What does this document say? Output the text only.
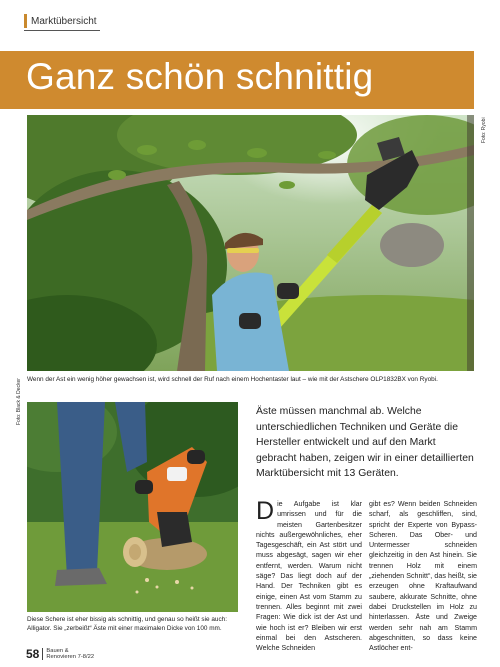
Marktübersicht
Ganz schön schnittig
Foto: Ryobi
Foto: Black & Decker Wenn der Ast ein wenig höher gewachsen ist, wird schnell der Ruf nach einem Hochentaster laut – wie mit der Astschere OLP1832BX von Ryobi.
Diese Schere ist eher bissig als schnittig, und genau so heißt sie auch: Alligator. Sie „zerbeißt“ Äste mit einer maximalen Dicke von 100 mm.
Äste müssen manchmal ab. Welche unterschiedlichen Techniken und Geräte die Hersteller entwickelt und auf den Markt gebracht haben, zeigen wir in einer detaillierten Marktübersicht mit 13 Geräten.
Die Aufgabe ist klar umrissen und für die meisten Gartenbesitzer nichts außergewöhnliches, eher Tagesgeschäft, ein Ast stört und muss abgesägt, sagen wir eher entfernt, werden. Warum nicht säge? Das liegt doch auf der Hand. Der Techniken gibt es einige, einen Ast vom Stamm zu trennen. Alles beginnt mit zwei Fragen: Wie dick ist der Ast und wie hoch ist er? Bleiben wir erst einmal bei den Astscheren. Welche Schneiden
gibt es? Wenn beiden Schneiden scharf, als geschliffen, sind, spricht der Experte von Bypass-Scheren. Das Ober- und Untermesser schneiden gleichzeitig in den Ast hinein. Sie trennen Holz mit einem „ziehenden Schnitt“, das heißt, sie erzeugen ohne Kraftaufwand saubere, akkurate Schnitte, ohne dabei Druckstellen im Holz zu hinterlassen. Äste und Zweige werden sehr nah am Stamm abgeschnitten, so dass keine Astlöcher ent-
58 Bauen &
Renovieren 7-8/22
